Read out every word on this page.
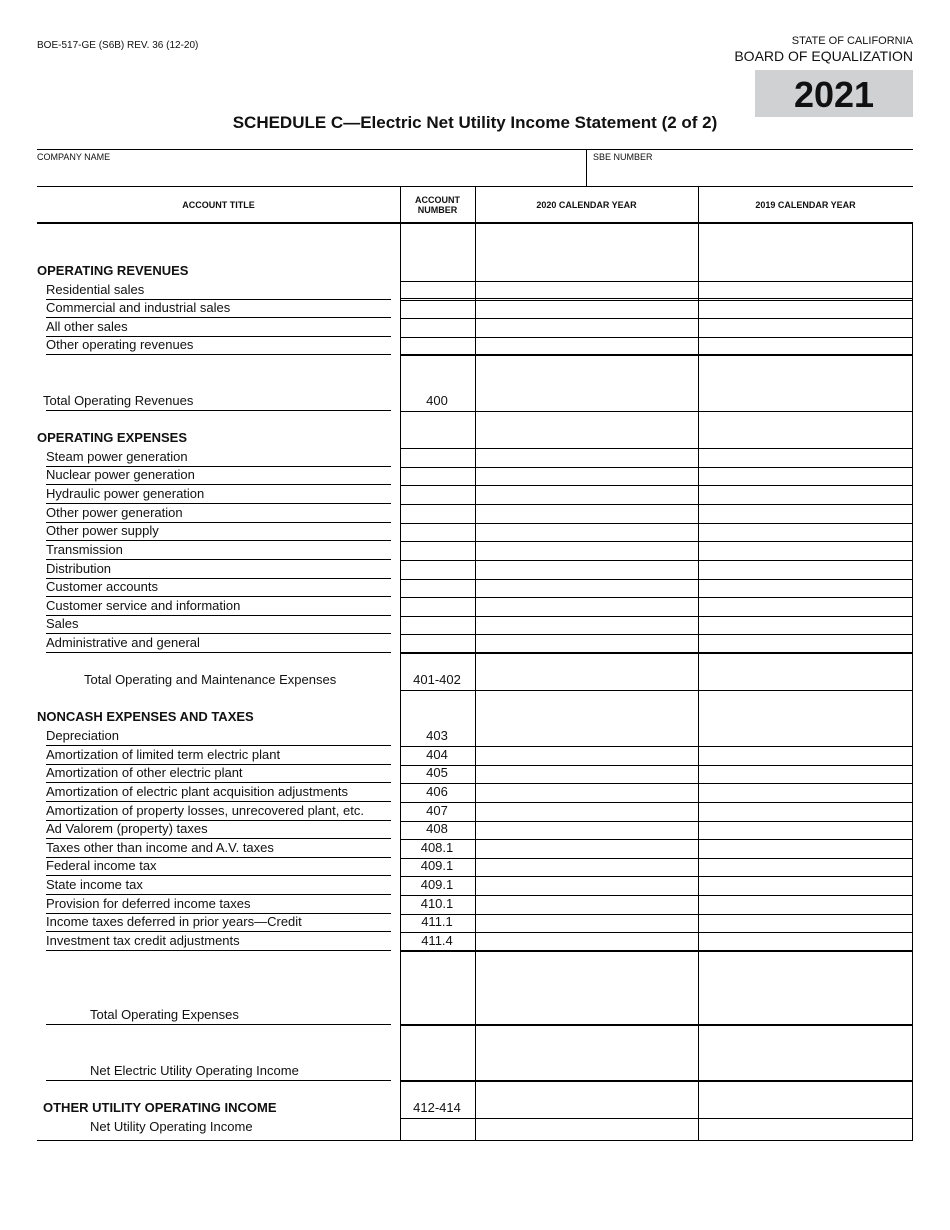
BOE-517-GE (S6B) REV. 36 (12-20)	STATE OF CALIFORNIA
BOARD OF EQUALIZATION
2021
SCHEDULE C—Electric Net Utility Income Statement (2 of 2)
COMPANY NAME	SBE NUMBER
ACCOUNT TITLE	ACCOUNT
NUMBER	2020 CALENDAR YEAR	2019 CALENDAR YEAR
OPERATING REVENUES
Residential sales
Commercial and industrial sales
All other sales
Other operating revenues
Total Operating Revenues	400
OPERATING EXPENSES
Steam power generation
Nuclear power generation
Hydraulic power generation
Other power generation
Other power supply
Transmission
Distribution
Customer accounts
Customer service and information
Sales
Administrative and general
Total Operating and Maintenance Expenses	401-402
NONCASH EXPENSES AND TAXES
Depreciation	403
Amortization of limited term electric plant	404
Amortization of other electric plant	405
Amortization of electric plant acquisition adjustments	406
Amortization of property losses, unrecovered plant, etc.	407
Ad Valorem (property) taxes	408
Taxes other than income and A.V. taxes	408.1
Federal income tax	409.1
State income tax	409.1
Provision for deferred income taxes	410.1
Income taxes deferred in prior years—Credit	411.1
Investment tax credit adjustments	411.4
Total Operating Expenses
Net Electric Utility Operating Income
OTHER UTILITY OPERATING INCOME	412-414
Net Utility Operating Income
